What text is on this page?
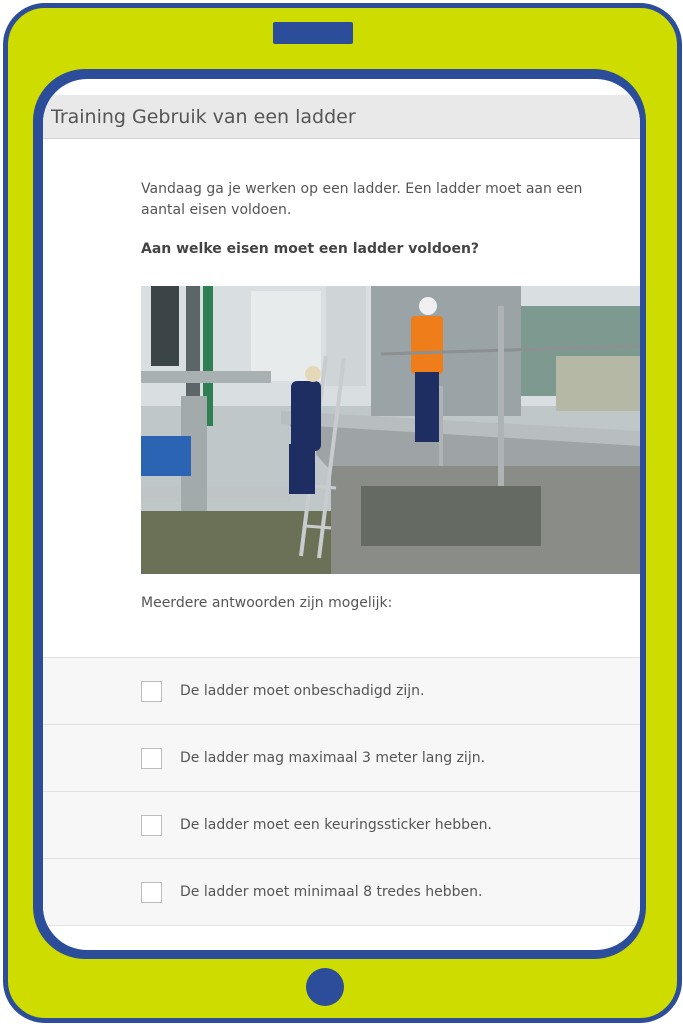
Training Gebruik van een ladder

Vandaag ga je werken op een ladder. Een ladder moet aan een aantal eisen voldoen.

Aan welke eisen moet een ladder voldoen?

Meerdere antwoorden zijn mogelijk:
De ladder moet onbeschadigd zijn.
De ladder mag maximaal 3 meter lang zijn.
De ladder moet een keuringssticker hebben.
De ladder moet minimaal 8 tredes hebben.
